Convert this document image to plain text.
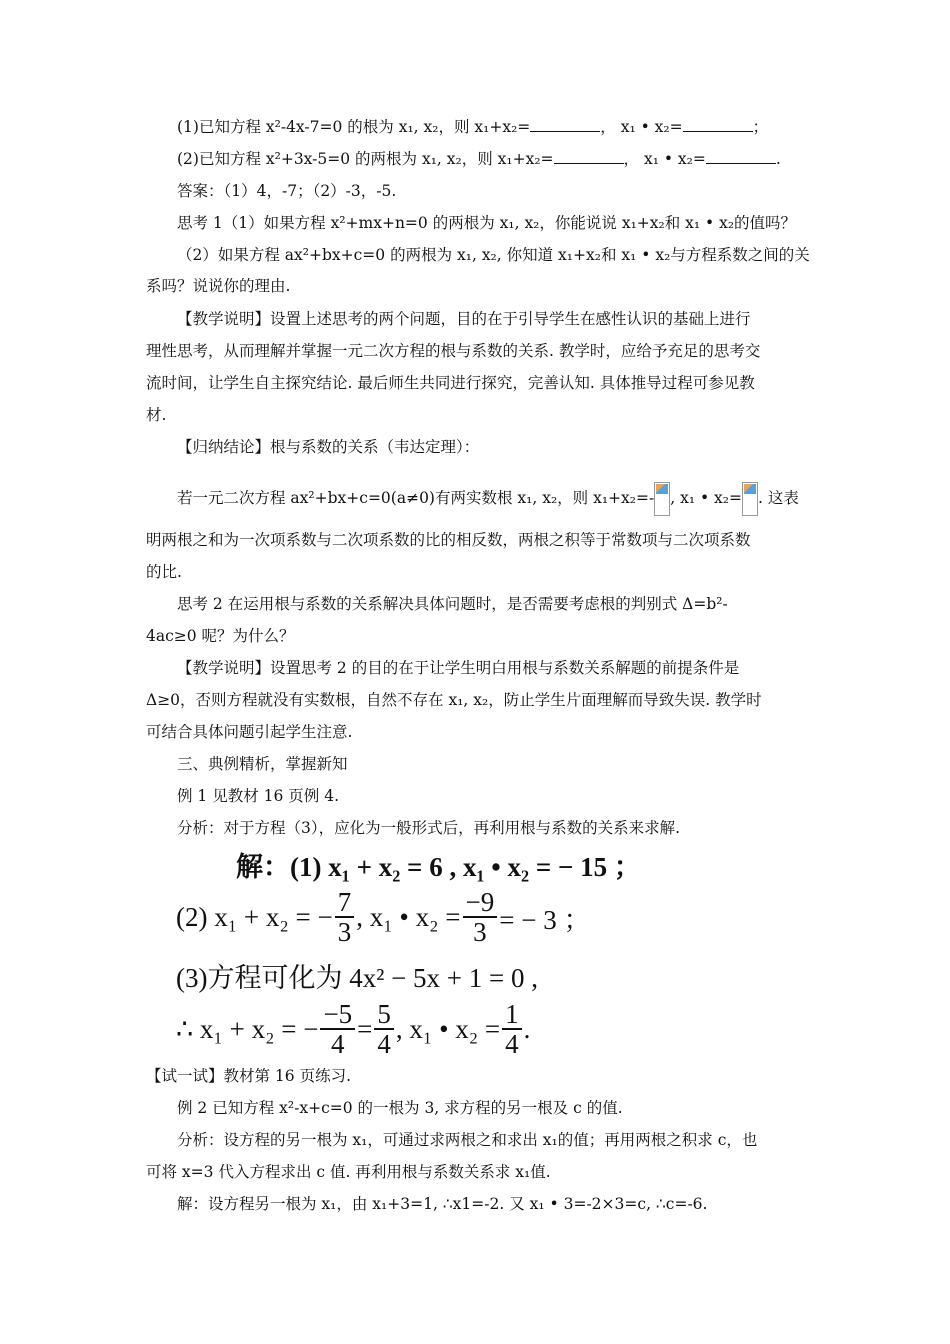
(1)已知方程 x²-4x-7=0 的根为 x₁, x₂，则 x₁+x₂=	， x₁ • x₂=	；
(2)已知方程 x²+3x-5=0 的两根为 x₁, x₂，则 x₁+x₂=	， x₁ • x₂=	.
答案：（1）4，-7；（2）-3，-5.
思考 1（1）如果方程 x²+mx+n=0 的两根为 x₁, x₂，你能说说 x₁+x₂和 x₁ • x₂的值吗？
（2）如果方程 ax²+bx+c=0 的两根为 x₁, x₂, 你知道 x₁+x₂和 x₁ • x₂与方程系数之间的关
系吗？说说你的理由.
【教学说明】设置上述思考的两个问题，目的在于引导学生在感性认识的基础上进行
理性思考，从而理解并掌握一元二次方程的根与系数的关系. 教学时，应给予充足的思考交
流时间，让学生自主探究结论. 最后师生共同进行探究，完善认知. 具体推导过程可参见教
材.
【归纳结论】根与系数的关系（韦达定理）：
若一元二次方程 ax²+bx+c=0(a≠0)有两实数根 x₁, x₂，则 x₁+x₂=- , x₁ • x₂= . 这表
明两根之和为一次项系数与二次项系数的比的相反数，两根之积等于常数项与二次项系数
的比.
思考 2 在运用根与系数的关系解决具体问题时，是否需要考虑根的判别式 Δ=b²-
4ac≥0 呢？为什么？
【教学说明】设置思考 2 的目的在于让学生明白用根与系数关系解题的前提条件是
Δ≥0，否则方程就没有实数根，自然不存在 x₁, x₂，防止学生片面理解而导致失误. 教学时
可结合具体问题引起学生注意.
三、典例精析，掌握新知
例 1 见教材 16 页例 4.
分析：对于方程（3），应化为一般形式后，再利用根与系数的关系来求解.
解：(1) x₁ + x₂ = 6 , x₁ • x₂ = − 15 ；
(2) x₁ + x₂ = − $\frac{7}{3}$ , x₁ • $x_2 = \frac{-9}{3}$ = − 3 ；
(3)方程可化为 4x² − 5x + 1 = 0 ,
∴ x₁ + x₂ = − $\frac{-5}{4} = \frac{5}{4}$ , x₁ • $x_2 = \frac{1}{4}$ .
【试一试】教材第 16 页练习.
例 2 已知方程 x²-x+c=0 的一根为 3, 求方程的另一根及 c 的值.
分析：设方程的另一根为 x₁，可通过求两根之和求出 x₁的值；再用两根之积求 c，也
可将 x=3 代入方程求出 c 值. 再利用根与系数关系求 x₁值.
解：设方程另一根为 x₁，由 x₁+3=1, ∴x1=-2. 又 x₁ • 3=-2×3=c, ∴c=-6.
